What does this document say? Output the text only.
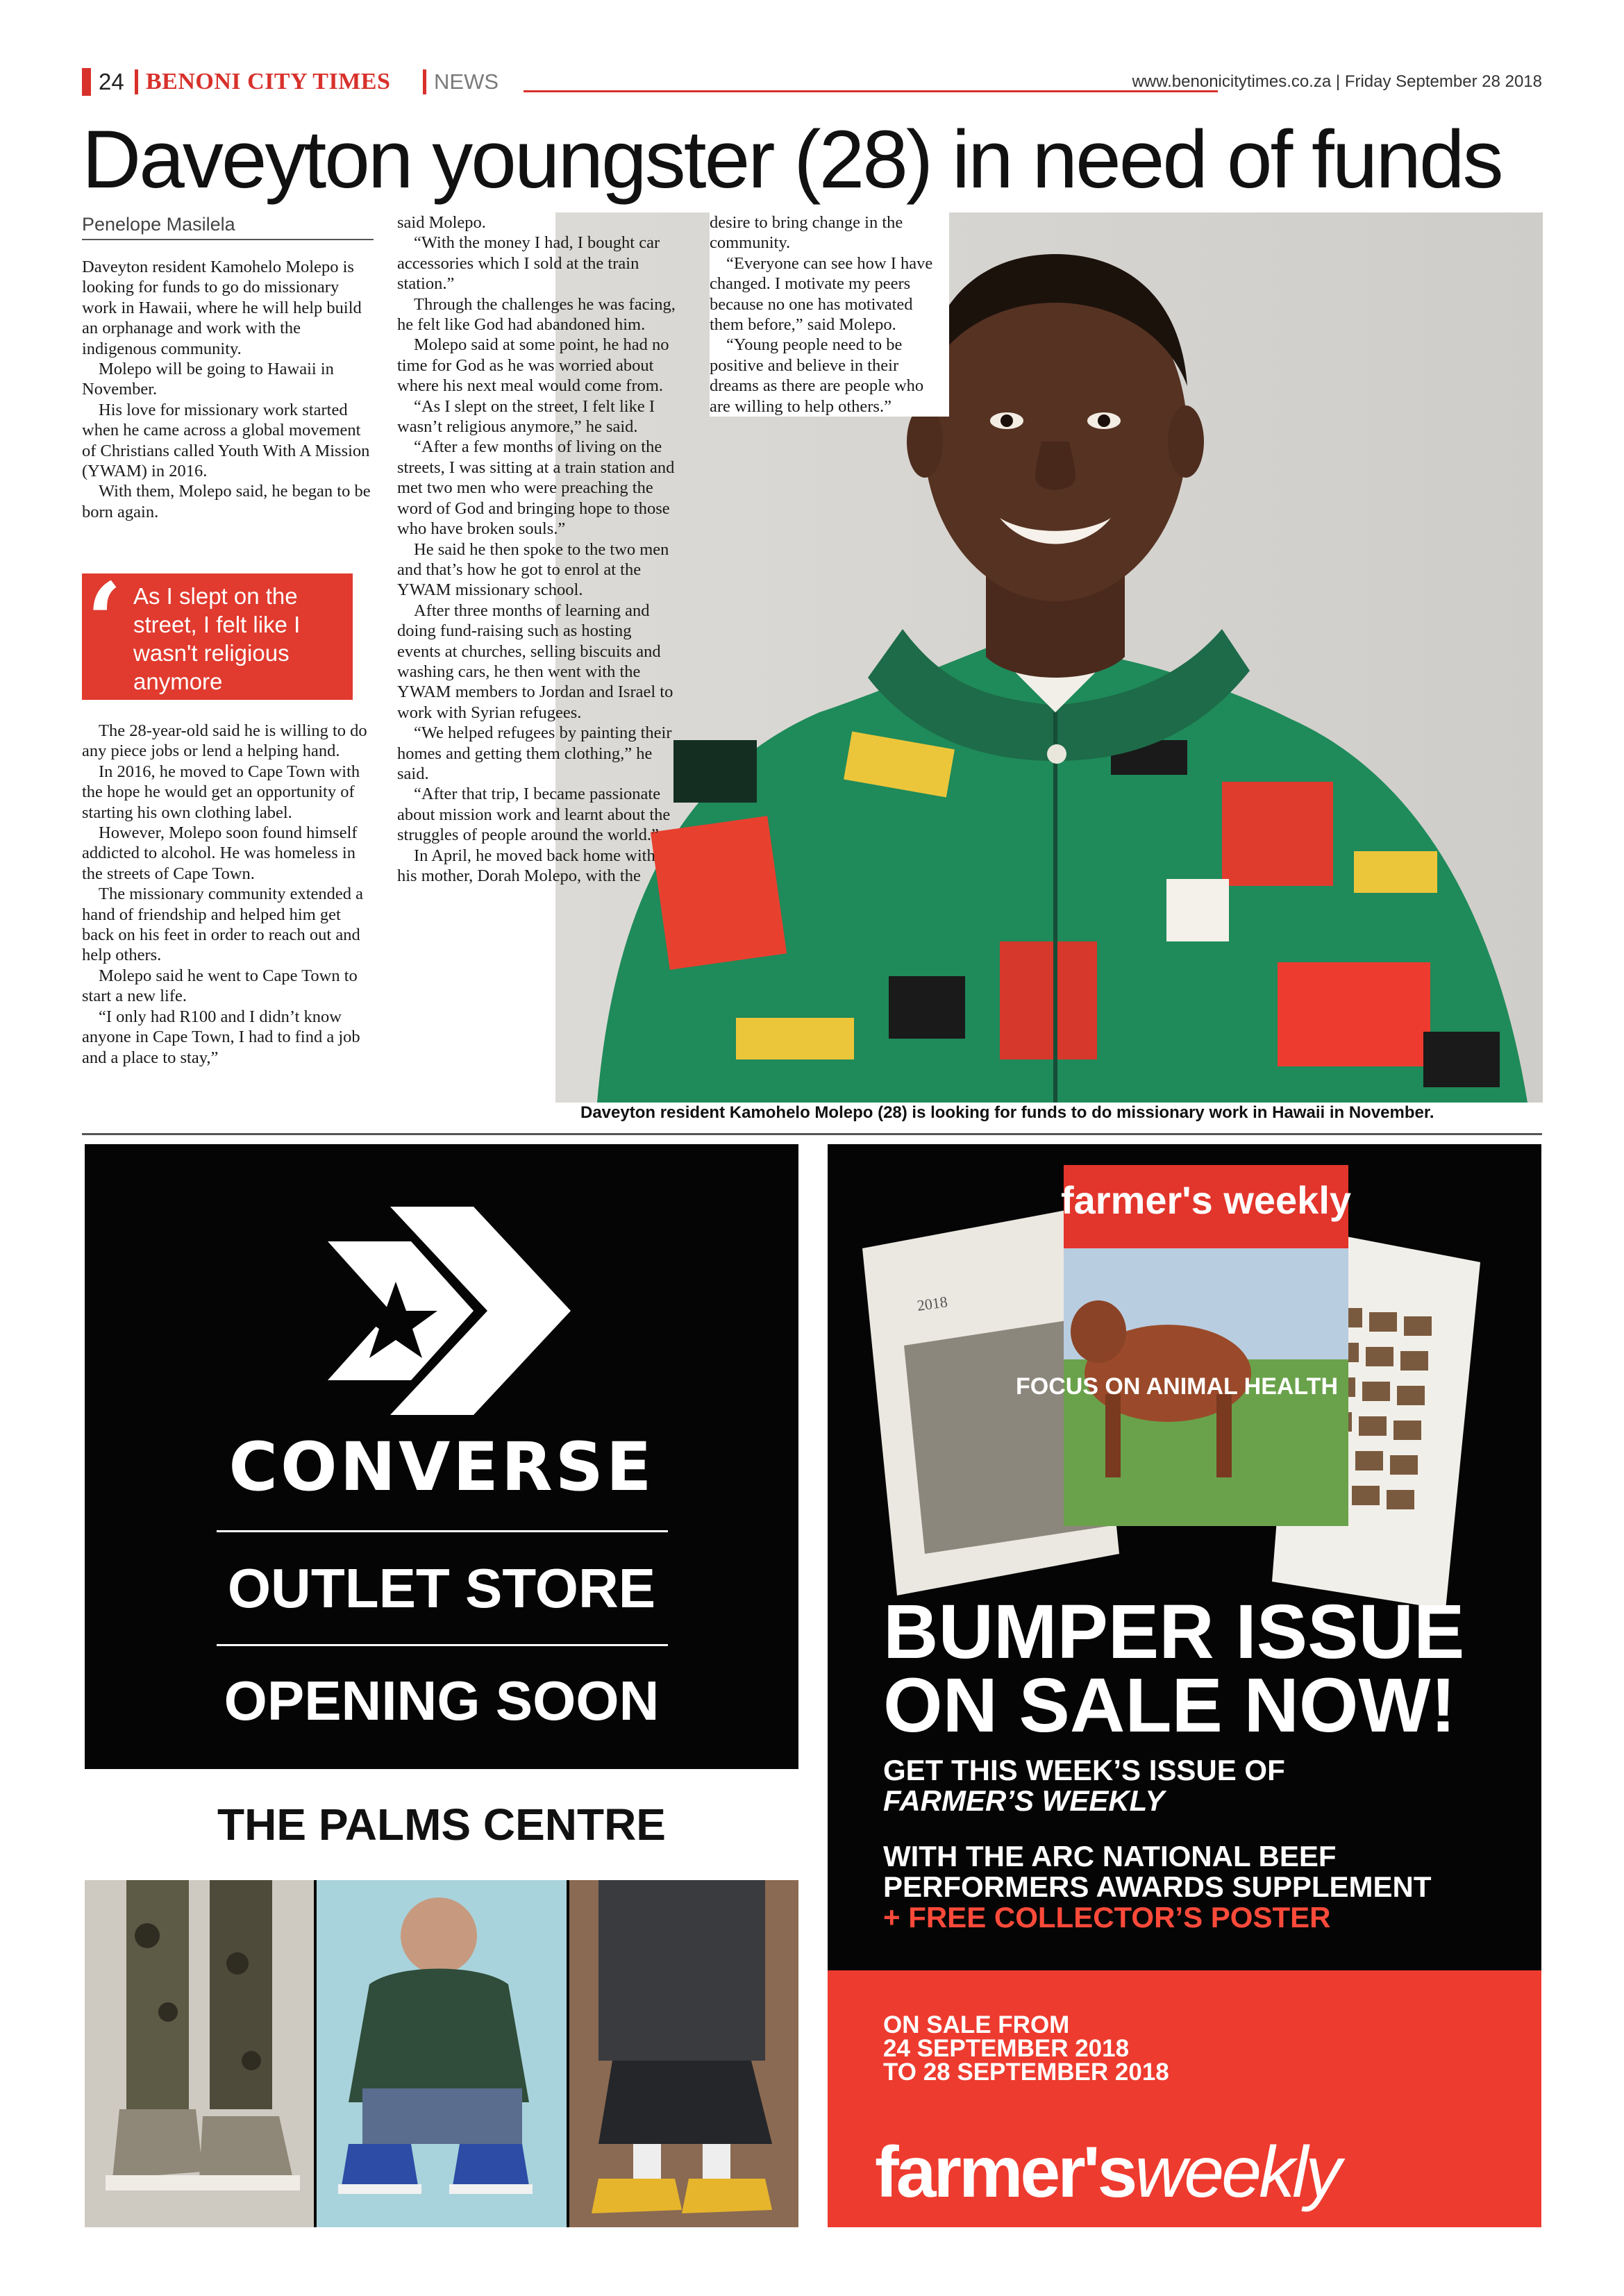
24 BENONI CITY TIMES NEWS	www.benonicitytimes.co.za | Friday September 28 2018
Daveyton youngster (28) in need of funds
Penelope Masilela

Daveyton resident Kamohelo Molepo is looking for funds to go do missionary work in Hawaii, where he will help build an orphanage and work with the indigenous community.

Molepo will be going to Hawaii in November.

His love for missionary work started when he came across a global movement of Christians called Youth With A Mission (YWAM) in 2016.

With them, Molepo said, he began to be born again.

‘ As I slept on the street, I felt like I wasn't religious anymore

The 28-year-old said he is willing to do any piece jobs or lend a helping hand.

In 2016, he moved to Cape Town with the hope he would get an opportunity of starting his own clothing label.

However, Molepo soon found himself addicted to alcohol. He was homeless in the streets of Cape Town.

The missionary community extended a hand of friendship and helped him get back on his feet in order to reach out and help others.

Molepo said he went to Cape Town to start a new life.

“I only had R100 and I didn’t know anyone in Cape Town, I had to find a job and a place to stay,”

Daveyton resident Kamohelo Molepo (28) is looking for funds to do missionary work in Hawaii in November.

said Molepo.

“With the money I had, I bought car accessories which I sold at the train station.”

Through the challenges he was facing, he felt like God had abandoned him.

Molepo said at some point, he had no time for God as he was worried about where his next meal would come from.

“As I slept on the street, I felt like I wasn’t religious anymore,” he said.

“After a few months of living on the streets, I was sitting at a train station and met two men who were preaching the word of God and bringing hope to those who have broken souls.”

He said he then spoke to the two men and that’s how he got to enrol at the YWAM missionary school.

After three months of learning and doing fund-raising such as hosting events at churches, selling biscuits and washing cars, he then went with the YWAM members to Jordan and Israel to work with Syrian refugees.

“We helped refugees by painting their homes and getting them clothing,” he said.

“After that trip, I became passionate about mission work and learnt about the struggles of people around the world.”

In April, he moved back home with his mother, Dorah Molepo, with the

desire to bring change in the community.

“Everyone can see how I have changed. I motivate my peers because no one has motivated them before,” said Molepo.

“Young people need to be positive and believe in their dreams as there are people who are willing to help others.”

CONVERSE
OUTLET STORE
OPENING SOON
THE PALMS CENTRE
2018
farmer's weekly
FOCUS ON ANIMAL HEALTH
BUMPER ISSUE
ON SALE NOW!
GET THIS WEEK’S ISSUE OF
FARMER’S WEEKLY
WITH THE ARC NATIONAL BEEF
PERFORMERS AWARDS SUPPLEMENT
+ FREE COLLECTOR’S POSTER
ON SALE FROM
24 SEPTEMBER 2018
TO 28 SEPTEMBER 2018
farmer'sweekly
